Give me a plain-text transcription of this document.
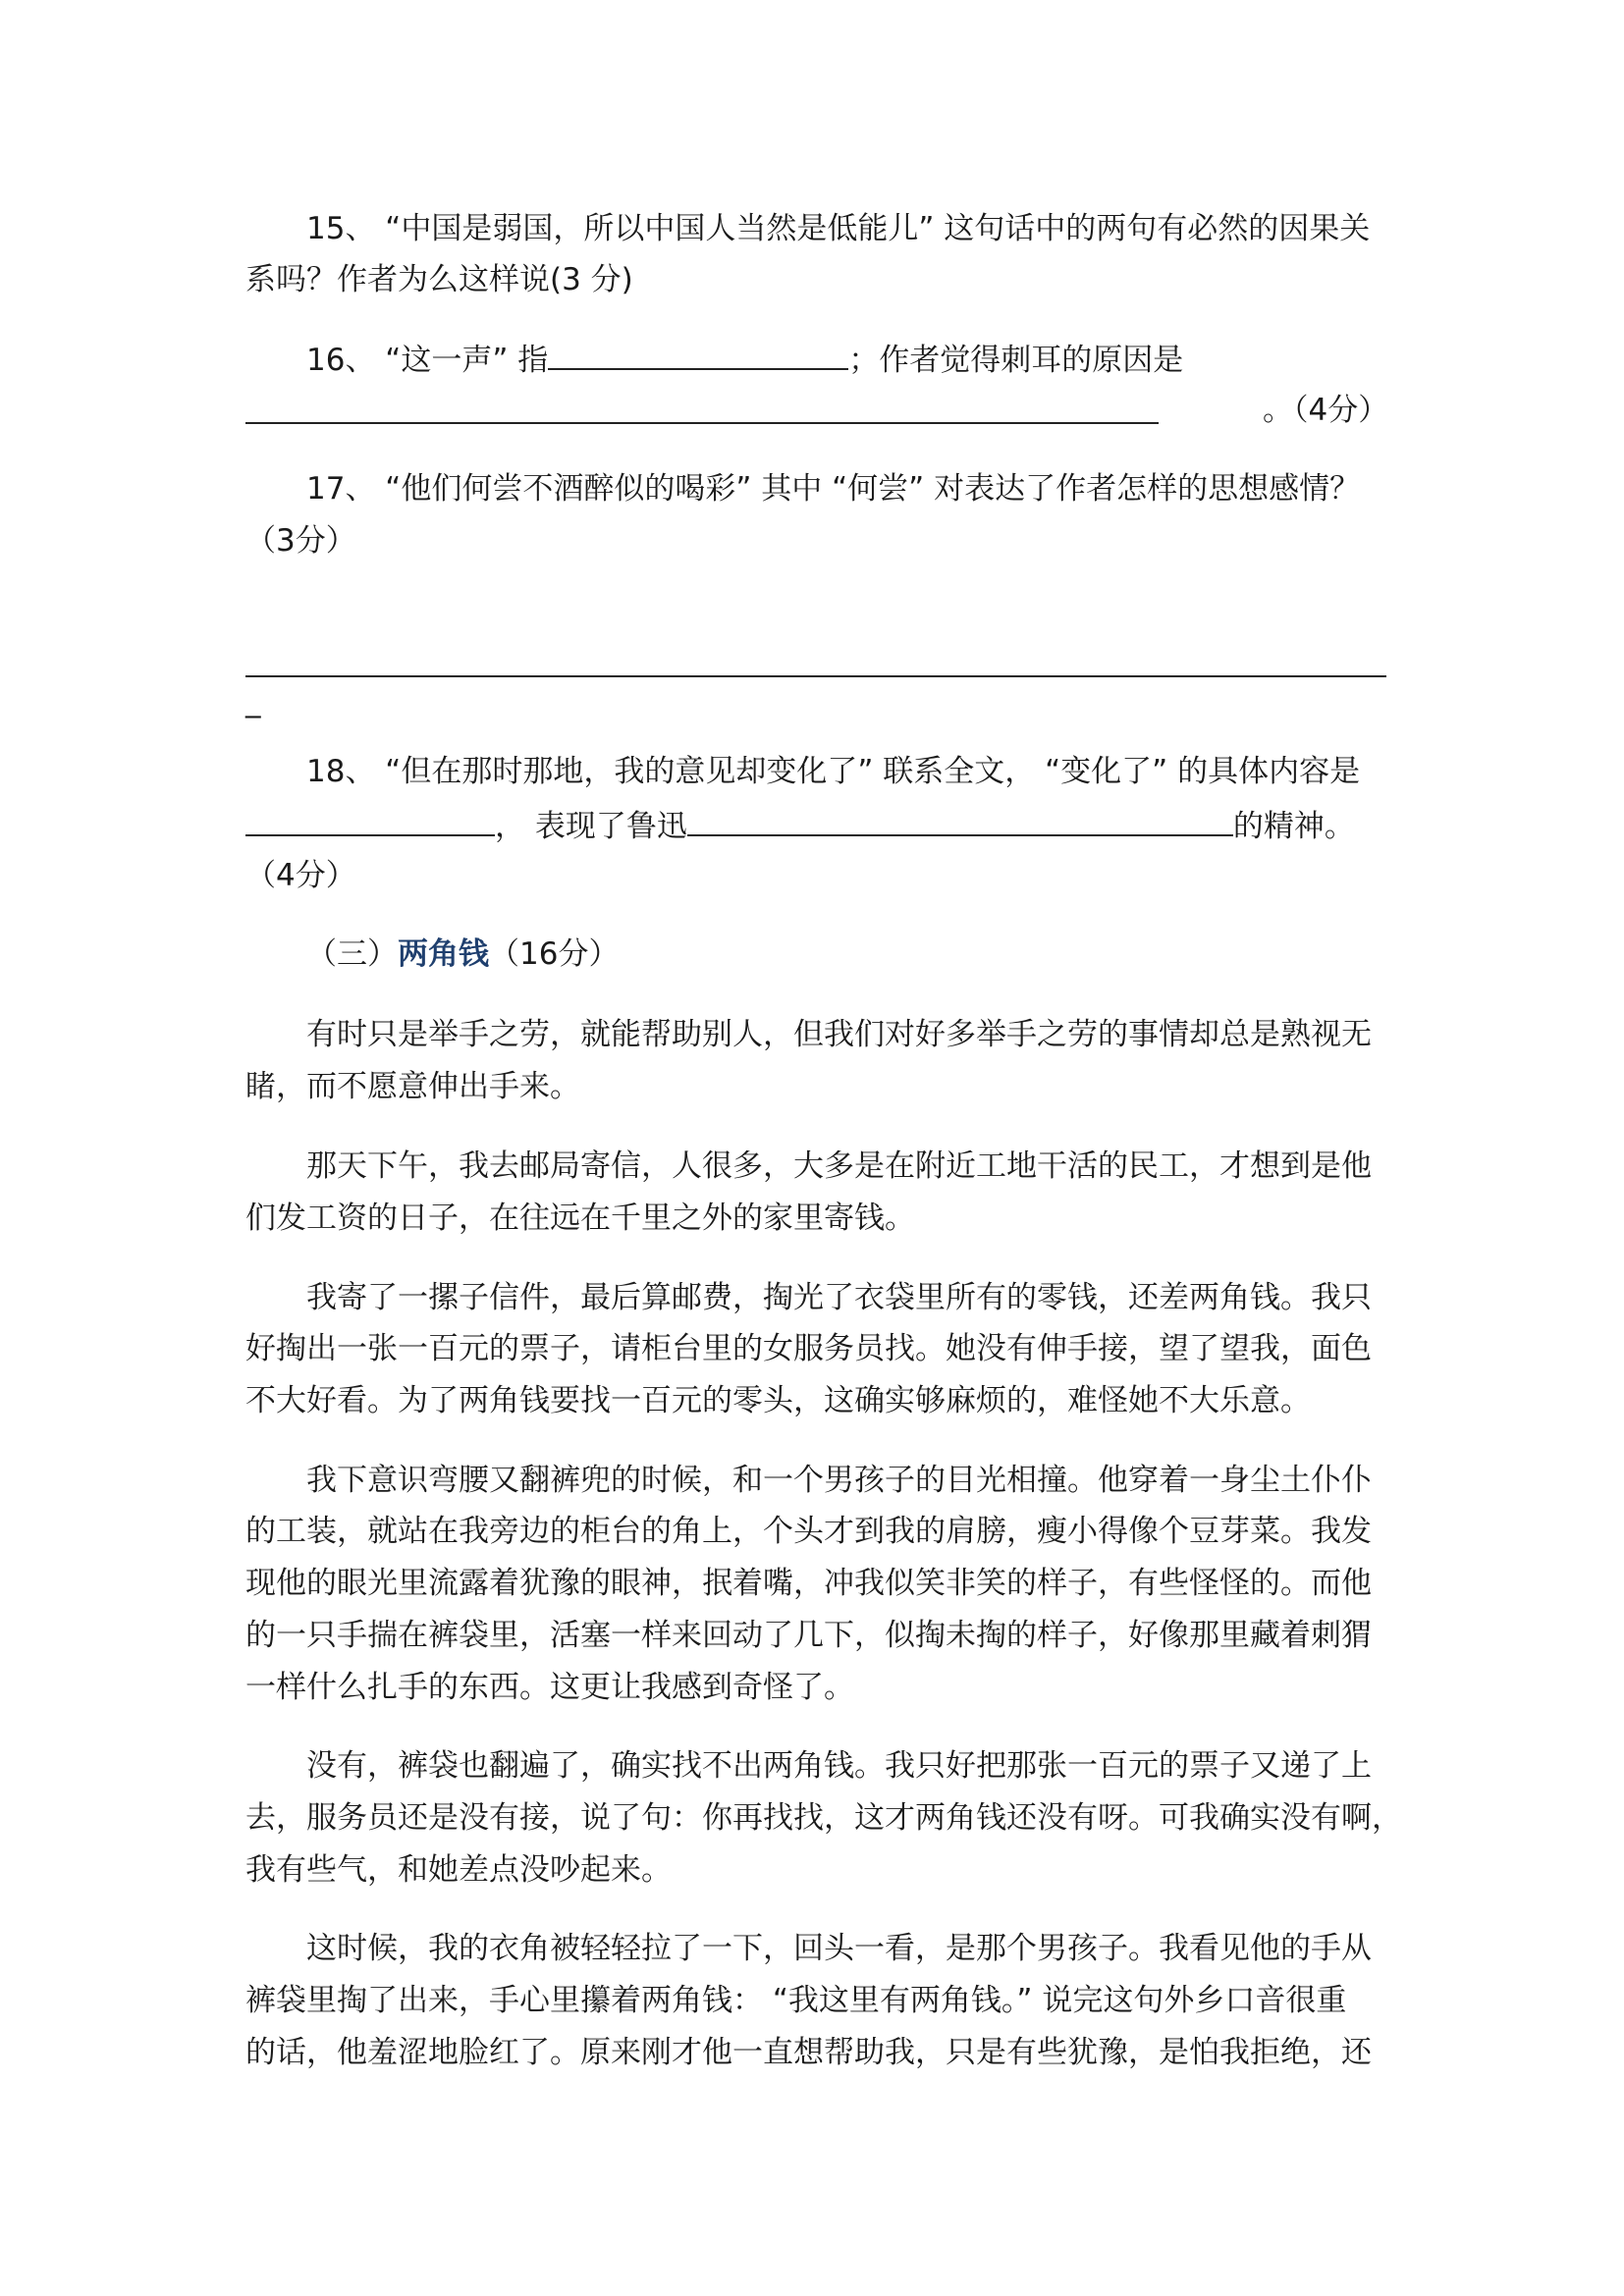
15、 “中国是弱国，所以中国人当然是低能儿” 这句话中的两句有必然的因果关
系吗？作者为么这样说(3 分)
16、 “这一声” 指	；作者觉得刺耳的原因是
。（4分）
17、 “他们何尝不酒醉似的喝彩” 其中 “何尝” 对表达了作者怎样的思想感情？
（3分）
_
18、 “但在那时那地，我的意见却变化了” 联系全文， “变化了” 的具体内容是
， 表现了鲁迅	的精神。
（4分）
（三）两角钱（16分）
有时只是举手之劳，就能帮助别人，但我们对好多举手之劳的事情却总是熟视无
睹，而不愿意伸出手来。
那天下午，我去邮局寄信，人很多，大多是在附近工地干活的民工，才想到是他
们发工资的日子，在往远在千里之外的家里寄钱。
我寄了一摞子信件，最后算邮费，掏光了衣袋里所有的零钱，还差两角钱。我只
好掏出一张一百元的票子，请柜台里的女服务员找。她没有伸手接，望了望我，面色
不大好看。为了两角钱要找一百元的零头，这确实够麻烦的，难怪她不大乐意。
我下意识弯腰又翻裤兜的时候，和一个男孩子的目光相撞。他穿着一身尘土仆仆
的工装，就站在我旁边的柜台的角上，个头才到我的肩膀，瘦小得像个豆芽菜。我发
现他的眼光里流露着犹豫的眼神，抿着嘴，冲我似笑非笑的样子，有些怪怪的。而他
的一只手揣在裤袋里，活塞一样来回动了几下，似掏未掏的样子，好像那里藏着刺猬
一样什么扎手的东西。这更让我感到奇怪了。
没有，裤袋也翻遍了，确实找不出两角钱。我只好把那张一百元的票子又递了上
去，服务员还是没有接，说了句：你再找找，这才两角钱还没有呀。可我确实没有啊，
我有些气，和她差点没吵起来。
这时候，我的衣角被轻轻拉了一下，回头一看，是那个男孩子。我看见他的手从
裤袋里掏了出来，手心里攥着两角钱： “我这里有两角钱。” 说完这句外乡口音很重
的话，他羞涩地脸红了。原来刚才他一直想帮助我，只是有些犹豫，是怕我拒绝，还
